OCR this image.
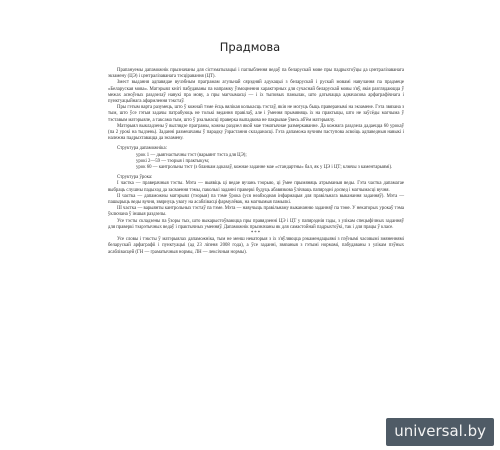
Прадмова

Прапануемы дапаможнік прызначаны для сістэматызацыі і паглыблення ведаў па беларускай мове пры падрыхтоўцы да цэнтралізаванага экзамену (ЦЭ) і цэнтралізаванага тэсціравання (ЦТ).

Змест выдання адпавядае вучэбным праграмам агульнай сярэдняй адукацыі з беларускай і рускай мовамі навучання па прадмеце «Беларуская мова». Матэрыял кнігі пабудаваны па напрамку ўзмоцнення характэрных для сучаснай беларускай мовы з'яў, якія разглядаюцца ў межах асноўных раздзелаў навукі пра мову, а пры магчымасці — і іх тыповых памылак, што датычацца адначасова арфаграфічнага і пунктуацыйнага афармлення тэкстаў.

Пры гэтым варта разумець, што ў кожнай тэме ёсць вялікая колькасць тэстаў, якія не могуць быць праверанымі на экзамене. Гэта звязана з тым, што ўсе гэтыя задачы патрабуюць не толькі ведання правілаў, але і ўмення прымяняць іх на практыцы, што не заўсёды магчыма ў тэставым матэрыяле, а таксама тым, што ў рэальнасці праверка выпадкова не пакрывае ўвесь аб'ём матэрыялу.

Матэрыял выкладзены ў выглядзе праграмы, кожны раздзел якой мае тэматычнае размеркаванне. Да кожнага раздзела дадаецца 60 урокаў (па 2 урокі на тыдзень). Заданні размешчаны ў парадку ўзрастання складанасці. Гэта дапаможа вучням паступова асвоіць адпаведныя навыкі і належна падрыхтавацца да экзамену.

Структура дапаможніка:

урок 1 — дыягнастычны тэст (варыянт тэста для ЦЭ);
урокі 2—59 — тэорыя і практыкум;
урок 60 — кантрольны тэст (з бланкам адказаў, кожнае заданне мае «стандартны» бал, як у ЦЭ і ЦТ; ключы з каментарыямі).

Структура ўрока:

I частка — праверачныя тэсты. Мэта — выявіць ці ведае вучань тэорыю, ці ўмее прымяняць атрыманыя веды. Гэта частка дапамагае выбраць слушны падыход да засваення тэмы, паколькі заданні праверкі будуць абавязкова ўлічваць папярэдні досвед і магчымасці вучня.

II частка — дапаможны матэрыял (тэорыя) па тэме ўрока (уся неабходная інфармацыя для правільнага выканання заданняў). Мэта — пашырыць веды вучня, звярнуць увагу на асаблівасці фармулёвак, на магчымыя памылкі.

III частка — варыянты кантрольных тэстаў па тэме. Мэта — навучыць правільнаму выкананню заданняў па тэме. У некаторых урокаў тэма ўключана ў іншыя раздзелы.

Усе тэсты складзены па ўзоры тых, што выкарыстоўваюцца пры правядзенні ЦЭ і ЦТ у папярэднія гады, з улікам спецыфічных заданняў для праверкі тэарэтычных ведаў і практычных уменняў. Дапаможнік прызначаны як для самастойнай падрыхтоўкі, так і для працы ў класе.

***

Усе словы і тэксты ў матэрыялах дапаможніка, тым не менш некаторыя з іх з'яўляюцца рэкамендацыямі з пэўнымі часовымі змяненнямі беларускай арфаграфіі і пунктуацыі (ад 23 ліпеня 2008 года), а ўсе заданні, звязаныя з гэтымі нормамі, пабудаваны з улікам пэўных асаблівасцей (ГН — граматычныя нормы, ЛН — лексічныя нормы).

universal.by
